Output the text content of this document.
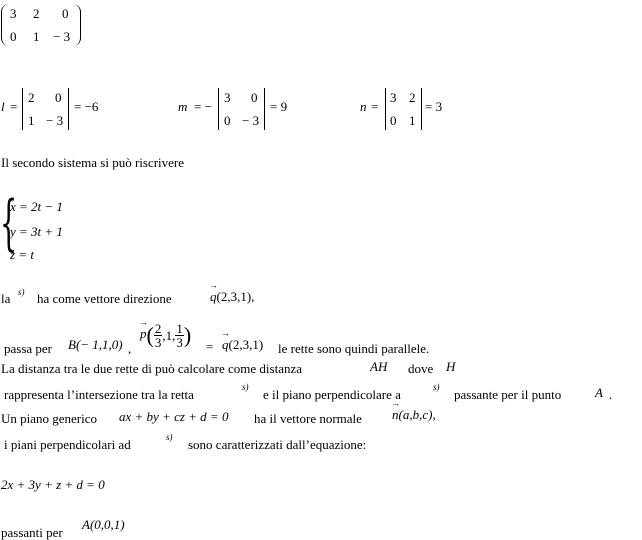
3 2 0
0 1 − 3
l =
2 0
1 − 3
= −6	m = −
3 0
0 − 3
= 9	n =
3 2
0 1
= 3
Il secondo sistema si può riscrivere
{
x = 2t − 1
y = 3t + 1
z = t
la s) ha come vettore direzione	→ q(2,3,1),
passa per B(− 1,1,0) ,
→ $p( \frac{2}{3} ,1$, $\frac{1}{3}$ ) = → q(2,3,1) le rette sono quindi parallele.
La distanza tra le due rette di può calcolare come distanza	AH dove H
rappresenta l’intersezione tra la retta	s) e il piano perpendicolare a	s) passante per il punto	A .
Un piano generico ax + by + cz + d = 0 ha il vettore normale → n(a,b,c),
i piani perpendicolari ad	s) sono caratterizzati dall’equazione:
2x + 3y + z + d = 0
passanti per
A(0,0,1)
